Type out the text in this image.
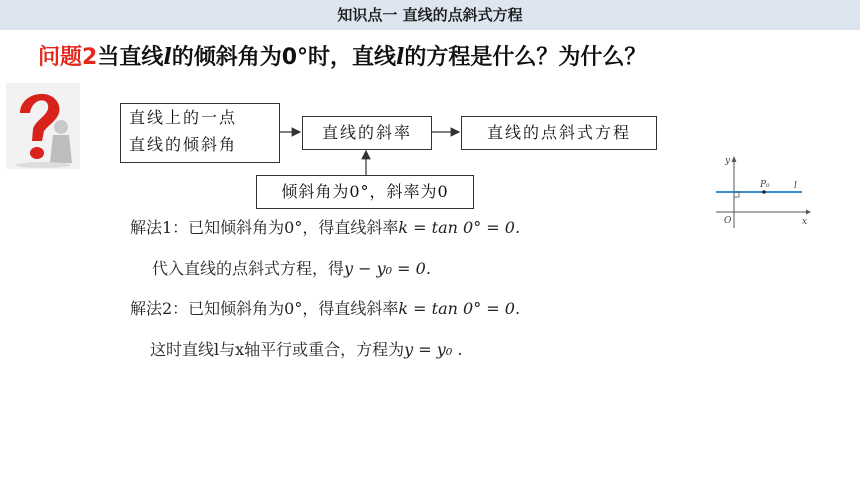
知识点一 直线的点斜式方程
问题2当直线l的倾斜角为0°时，直线l的方程是什么？为什么？
直线上的一点
直线的倾斜角
直线的斜率	直线的点斜式方程
倾斜角为0°，斜率为0
解法1：已知倾斜角为0°，得直线斜率k = tan 0° = 0.
代入直线的点斜式方程，得y − y₀ = 0.
解法2：已知倾斜角为0°，得直线斜率k = tan 0° = 0.
这时直线l与x轴平行或重合，方程为y = y₀ .
y
x
O
P₀	l
